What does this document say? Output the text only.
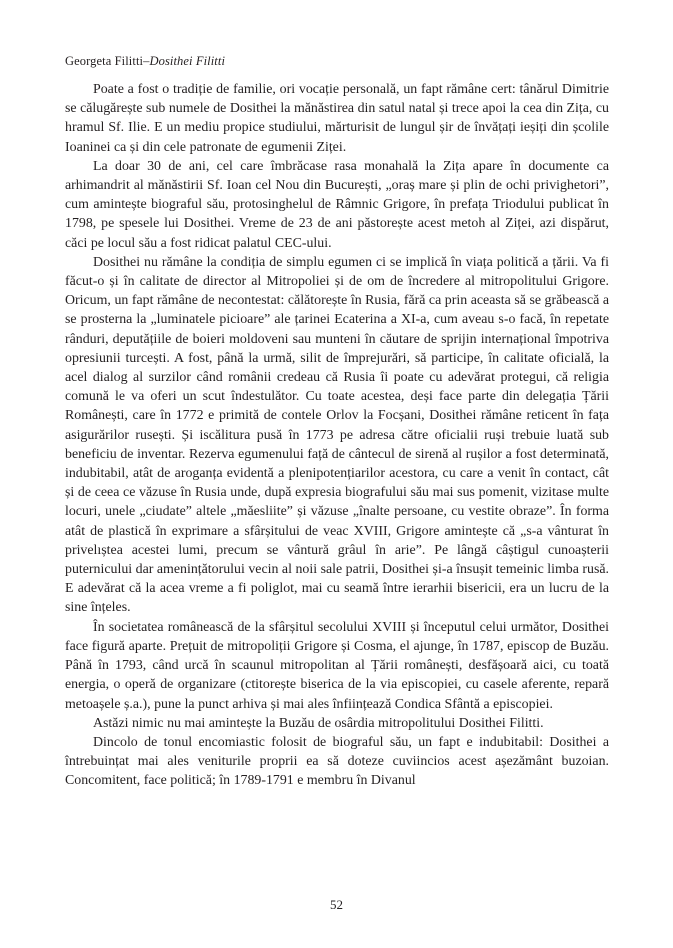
Georgeta Filitti–Dosithei Filitti

Poate a fost o tradiție de familie, ori vocație personală, un fapt rămâne cert: tânărul Dimitrie se călugărește sub numele de Dosithei la mănăstirea din satul natal și trece apoi la cea din Zița, cu hramul Sf. Ilie. E un mediu propice studiului, mărturisit de lungul șir de învățați ieșiți din școlile Ioaninei ca și din cele patronate de egumenii Ziței.

La doar 30 de ani, cel care îmbrăcase rasa monahală la Zița apare în documente ca arhimandrit al mănăstirii Sf. Ioan cel Nou din București, „oraș mare și plin de ochi privighetori”, cum amintește biograful său, protosinghelul de Râmnic Grigore, în prefața Triodului publicat în 1798, pe spesele lui Dosithei. Vreme de 23 de ani păstorește acest metoh al Ziței, azi dispărut, căci pe locul său a fost ridicat palatul CEC-ului.

Dosithei nu rămâne la condiția de simplu egumen ci se implică în viața politică a țării. Va fi făcut-o și în calitate de director al Mitropoliei și de om de încredere al mitropolitului Grigore. Oricum, un fapt rămâne de necontestat: călătorește în Rusia, fără ca prin aceasta să se grăbească a se prosterna la „luminatele picioare” ale țarinei Ecaterina a XI-a, cum aveau s-o facă, în repetate rânduri, deputățiile de boieri moldoveni sau munteni în căutare de sprijin internațional împotriva opresiunii turcești. A fost, până la urmă, silit de împrejurări, să participe, în calitate oficială, la acel dialog al surzilor când românii credeau că Rusia îi poate cu adevărat protegui, că religia comună le va oferi un scut îndestulător. Cu toate acestea, deși face parte din delegația Țării Românești, care în 1772 e primită de contele Orlov la Focșani, Dosithei rămâne reticent în fața asigurărilor rusești. Și iscălitura pusă în 1773 pe adresa către oficialii ruși trebuie luată sub beneficiu de inventar. Rezerva egumenului față de cântecul de sirenă al rușilor a fost determinată, indubitabil, atât de aroganța evidentă a plenipotențiarilor acestora, cu care a venit în contact, cât și de ceea ce văzuse în Rusia unde, după expresia biografului său mai sus pomenit, vizitase multe locuri, unele „ciudate” altele „măesliite” și văzuse „înalte persoane, cu vestite obraze”. În forma atât de plastică în exprimare a sfârșitului de veac XVIII, Grigore amintește că „s-a vânturat în privelıștea acestei lumi, precum se vântură grâul în arie”. Pe lângă câștigul cunoașterii puternicului dar amenințătorului vecin al noii sale patrii, Dosithei și-a însușit temeinic limba rusă. E adevărat că la acea vreme a fi poliglot, mai cu seamă între ierarhii bisericii, era un lucru de la sine înțeles.

În societatea românească de la sfârșitul secolului XVIII și începutul celui următor, Dosithei face figură aparte. Prețuit de mitropoliții Grigore și Cosma, el ajunge, în 1787, episcop de Buzău. Până în 1793, când urcă în scaunul mitropolitan al Țării românești, desfășoară aici, cu toată energia, o operă de organizare (ctitorește biserica de la via episcopiei, cu casele aferente, repară metoașele ș.a.), pune la punct arhiva și mai ales înființează Condica Sfântă a episcopiei.

Astăzi nimic nu mai amintește la Buzău de osârdia mitropolitului Dosithei Filitti.

Dincolo de tonul encomiastic folosit de biograful său, un fapt e indubitabil: Dosithei a întrebuințat mai ales veniturile proprii ea să doteze cuviincios acest așezământ buzoian. Concomitent, face politică; în 1789-1791 e membru în Divanul

52
